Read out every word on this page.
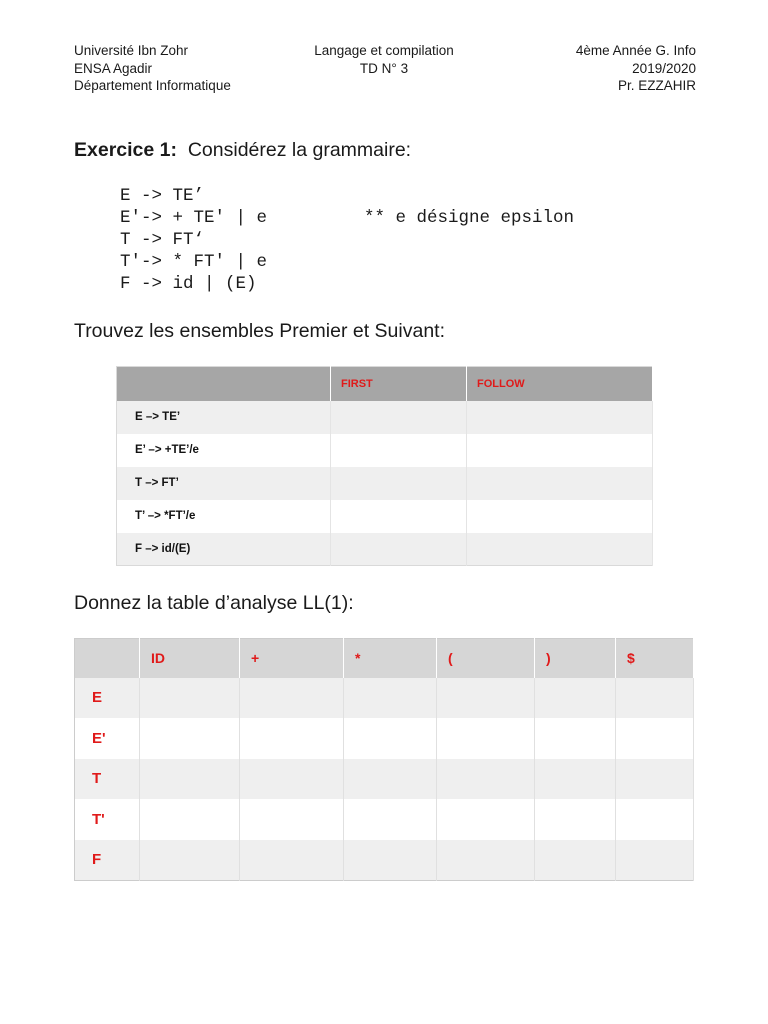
Université Ibn Zohr
ENSA Agadir
Département Informatique
Langage et compilation
TD N° 3
4ème Année G. Info
2019/2020
Pr. EZZAHIR
Exercice 1: Considérez la grammaire:
E -> TE’
E'-> + TE' | e
T -> FT‘
T'-> * FT' | e
F -> id | (E)
** e désigne epsilon
Trouvez les ensembles Premier et Suivant:
	FIRST	FOLLOW
E –> TE’		
E’ –> +TE’/e		
T –> FT’		
T’ –> *FT’/e		
F –> id/(E)		
Donnez la table d’analyse LL(1):
	ID	+	*	(	)	$
E						
E'						
T						
T'						
F						
